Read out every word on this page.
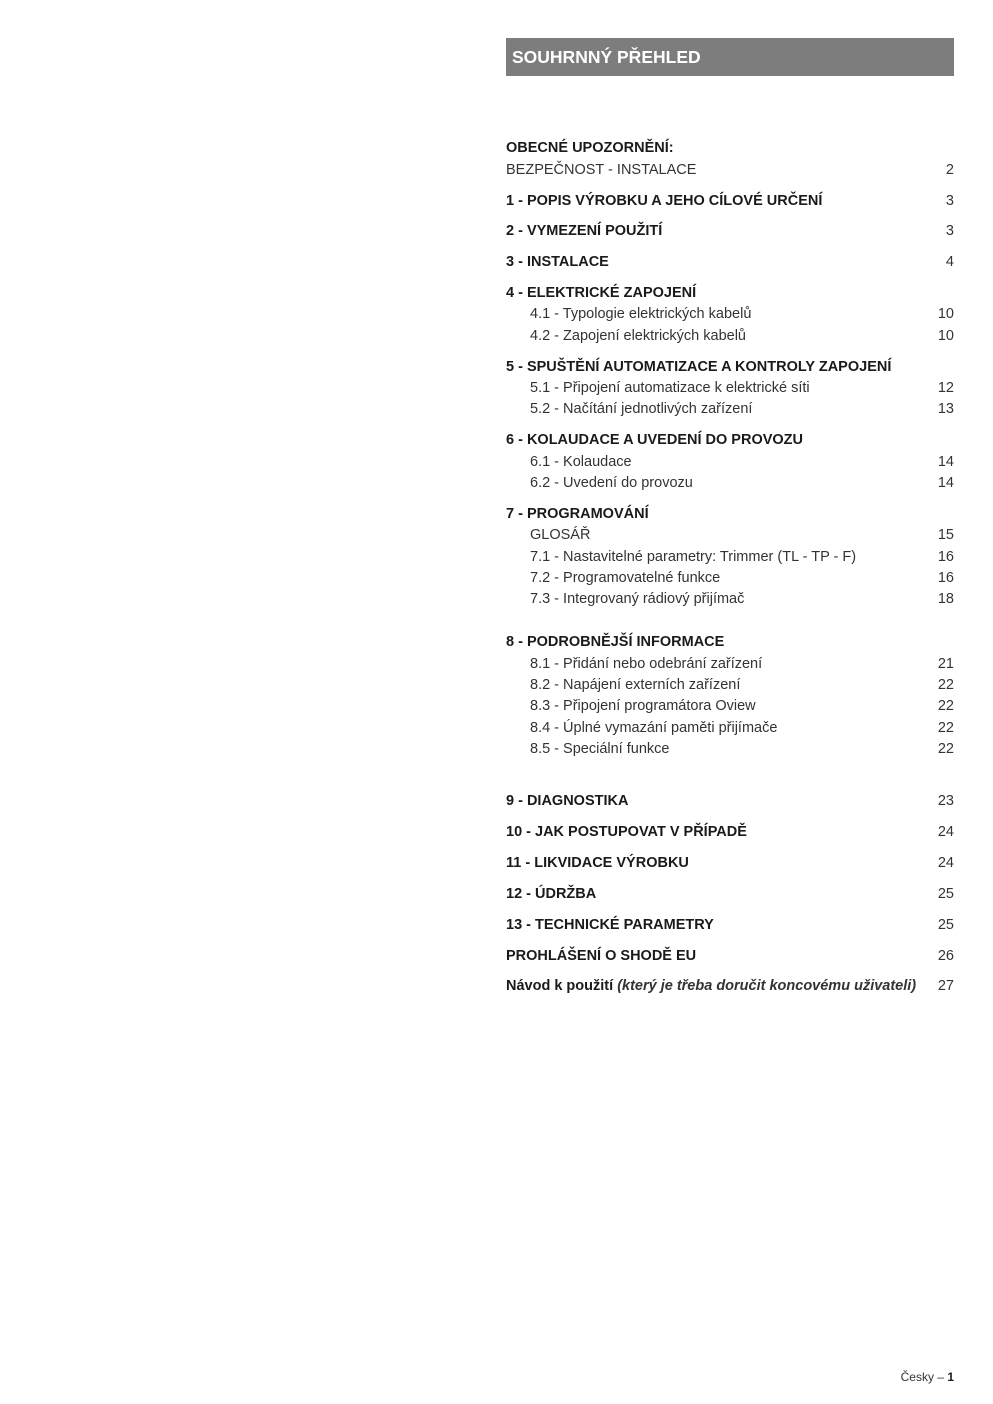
SOUHRNNÝ PŘEHLED
OBECNÉ UPOZORNĚNÍ:
BEZPEČNOST - INSTALACE	2
1 - POPIS VÝROBKU A JEHO CÍLOVÉ URČENÍ	3
2 - VYMEZENÍ POUŽITÍ	3
3 - INSTALACE	4
4 - ELEKTRICKÉ ZAPOJENÍ
4.1 - Typologie elektrických kabelů	10
4.2 - Zapojení elektrických kabelů	10
5 - SPUŠTĚNÍ AUTOMATIZACE A KONTROLY ZAPOJENÍ
5.1 - Připojení automatizace k elektrické síti	12
5.2 - Načítání jednotlivých zařízení	13
6 - KOLAUDACE A UVEDENÍ DO PROVOZU
6.1 - Kolaudace	14
6.2 - Uvedení do provozu	14
7 - PROGRAMOVÁNÍ
GLOSÁŘ	15
7.1 - Nastavitelné parametry: Trimmer (TL - TP - F)	16
7.2 - Programovatelné funkce	16
7.3 - Integrovaný rádiový přijímač	18
8 - PODROBNĚJŠÍ INFORMACE
8.1 - Přidání nebo odebrání zařízení	21
8.2 - Napájení externích zařízení	22
8.3 - Připojení programátora Oview	22
8.4 - Úplné vymazání paměti přijímače	22
8.5 - Speciální funkce	22
9 - DIAGNOSTIKA	23
10 - JAK POSTUPOVAT V PŘÍPADĚ	24
11 - LIKVIDACE VÝROBKU	24
12 - ÚDRŽBA	25
13 - TECHNICKÉ PARAMETRY	25
PROHLÁŠENÍ O SHODĚ EU	26
Návod k použití (který je třeba doručit koncovému uživateli)	27
Česky – 1
